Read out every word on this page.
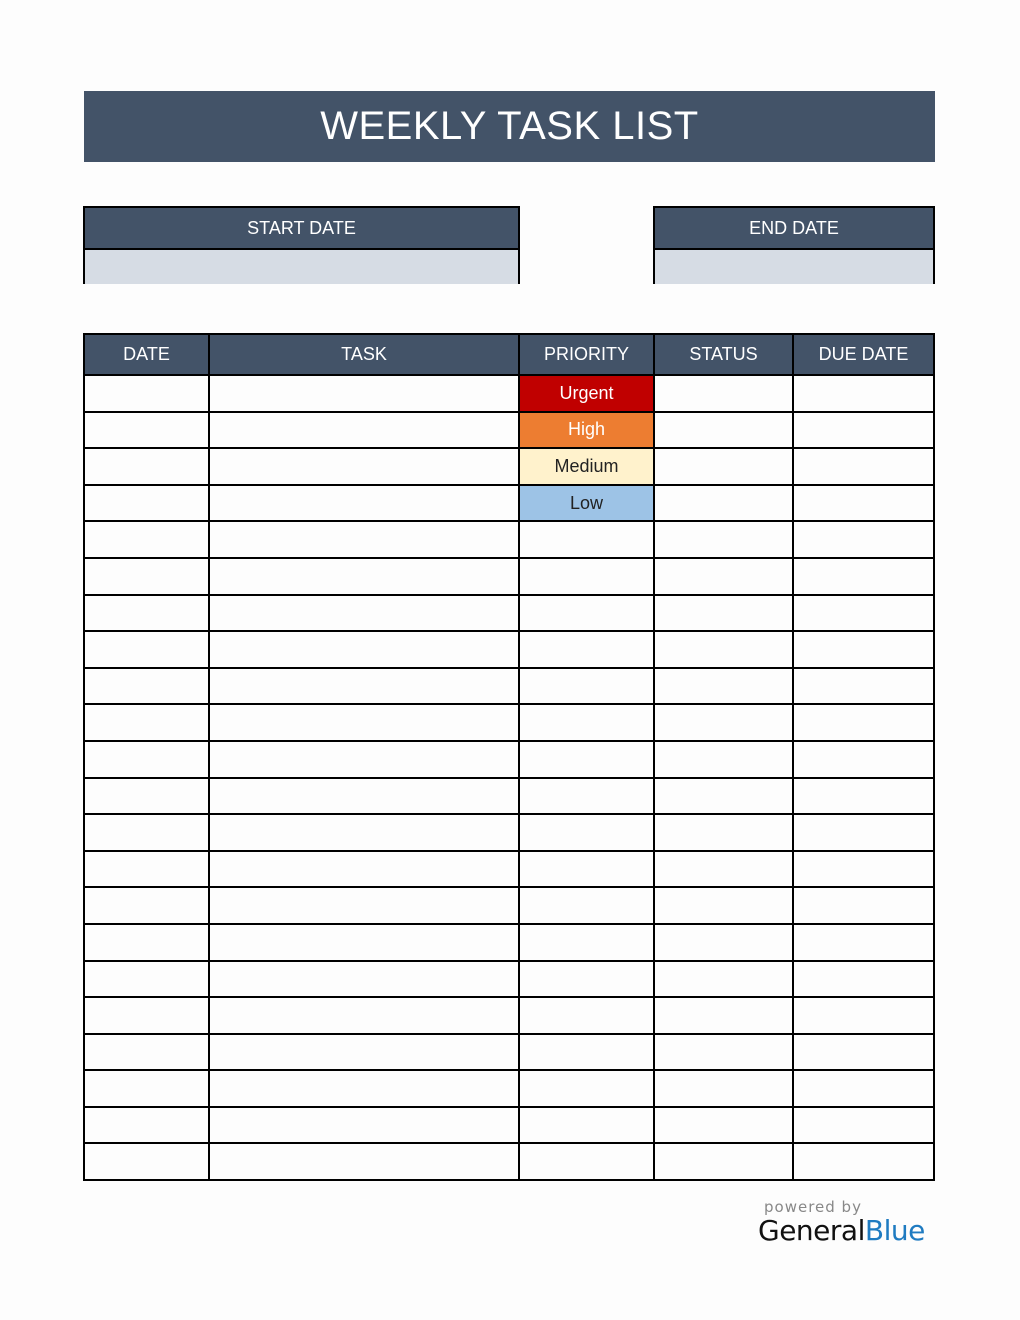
WEEKLY TASK LIST
START DATE	END DATE
DATE	TASK	PRIORITY	STATUS	DUE DATE
		Urgent		
		High		
		Medium		
		Low		

powered by
GeneralBlue
